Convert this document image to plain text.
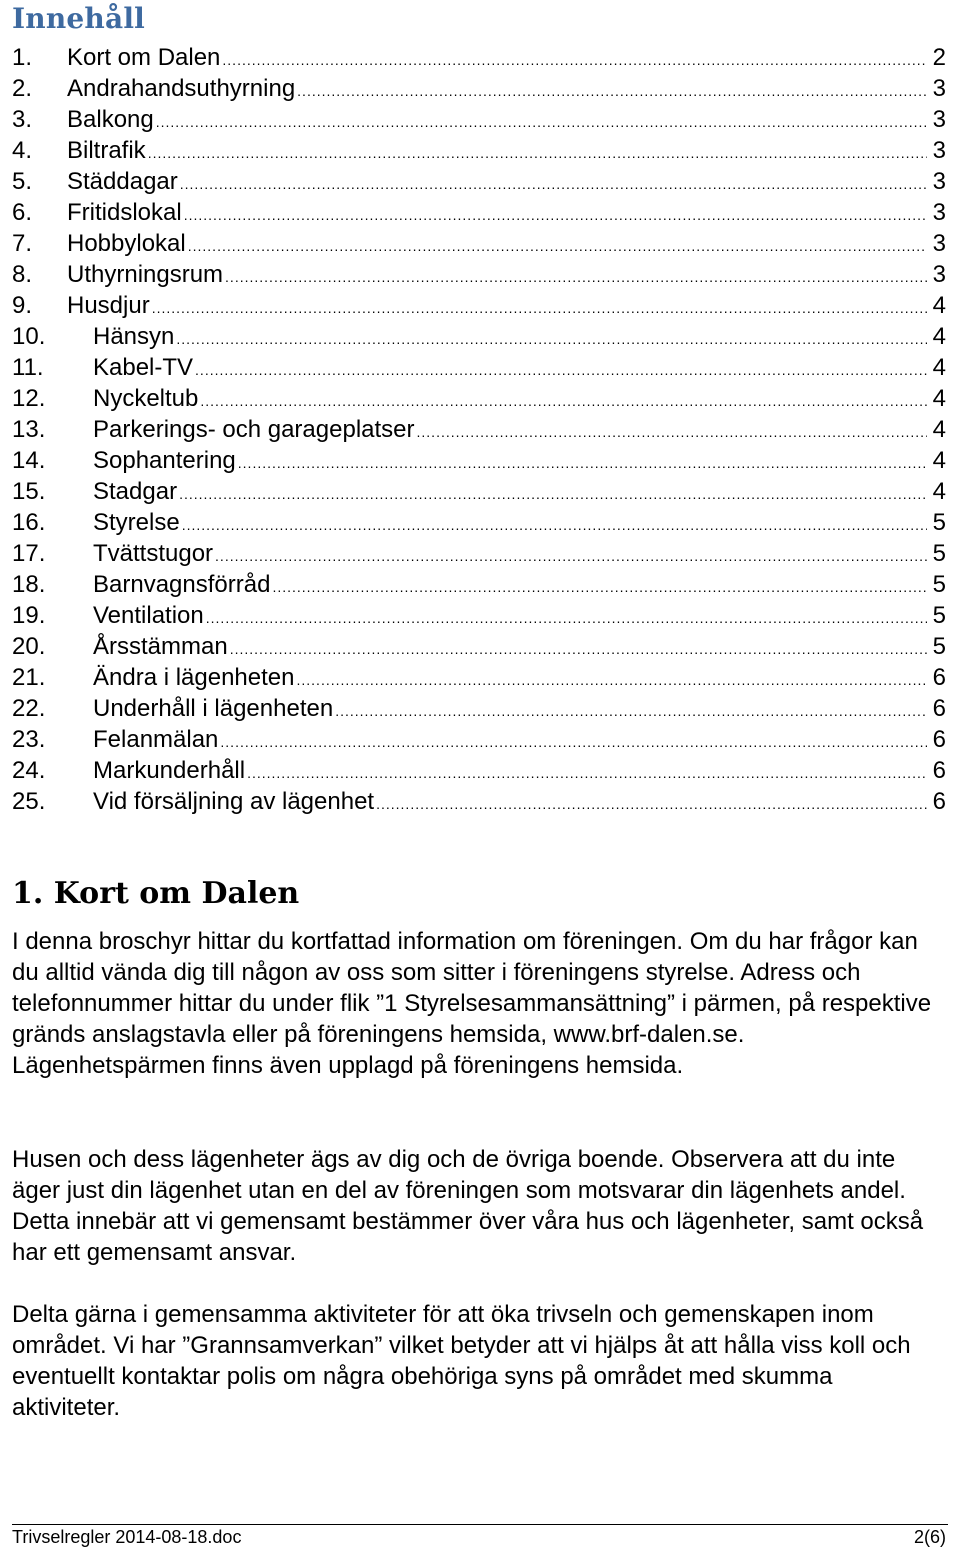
Innehåll
1.	Kort om Dalen .....	2
2.	Andrahandsuthyrning .....	3
3.	Balkong .....	3
4.	Biltrafik .....	3
5.	Städdagar .....	3
6.	Fritidslokal .....	3
7.	Hobbylokal .....	3
8.	Uthyrningsrum .....	3
9.	Husdjur .....	4
10.	Hänsyn .....	4
11.	Kabel-TV .....	4
12.	Nyckeltub .....	4
13.	Parkerings- och garageplatser .....	4
14.	Sophantering .....	4
15.	Stadgar .....	4
16.	Styrelse .....	5
17.	Tvättstugor .....	5
18.	Barnvagnsförråd .....	5
19.	Ventilation .....	5
20.	Årsstämman .....	5
21.	Ändra i lägenheten .....	6
22.	Underhåll i lägenheten .....	6
23.	Felanmälan .....	6
24.	Markunderhåll .....	6
25.	Vid försäljning av lägenhet .....	6
1. Kort om Dalen

I denna broschyr hittar du kortfattad information om föreningen. Om du har frågor kan du alltid vända dig till någon av oss som sitter i föreningens styrelse. Adress och telefonnummer hittar du under flik ”1 Styrelsesammansättning” i pärmen, på respektive gränds anslagstavla eller på föreningens hemsida, www.brf-dalen.se. Lägenhetspärmen finns även upplagd på föreningens hemsida.

Husen och dess lägenheter ägs av dig och de övriga boende. Observera att du inte äger just din lägenhet utan en del av föreningen som motsvarar din lägenhets andel. Detta innebär att vi gemensamt bestämmer över våra hus och lägenheter, samt också har ett gemensamt ansvar.

Delta gärna i gemensamma aktiviteter för att öka trivseln och gemenskapen inom området. Vi har ”Grannsamverkan” vilket betyder att vi hjälps åt att hålla viss koll och eventuellt kontaktar polis om några obehöriga syns på området med skumma aktiviteter.

Trivselregler 2014-08-18.doc	2(6)
